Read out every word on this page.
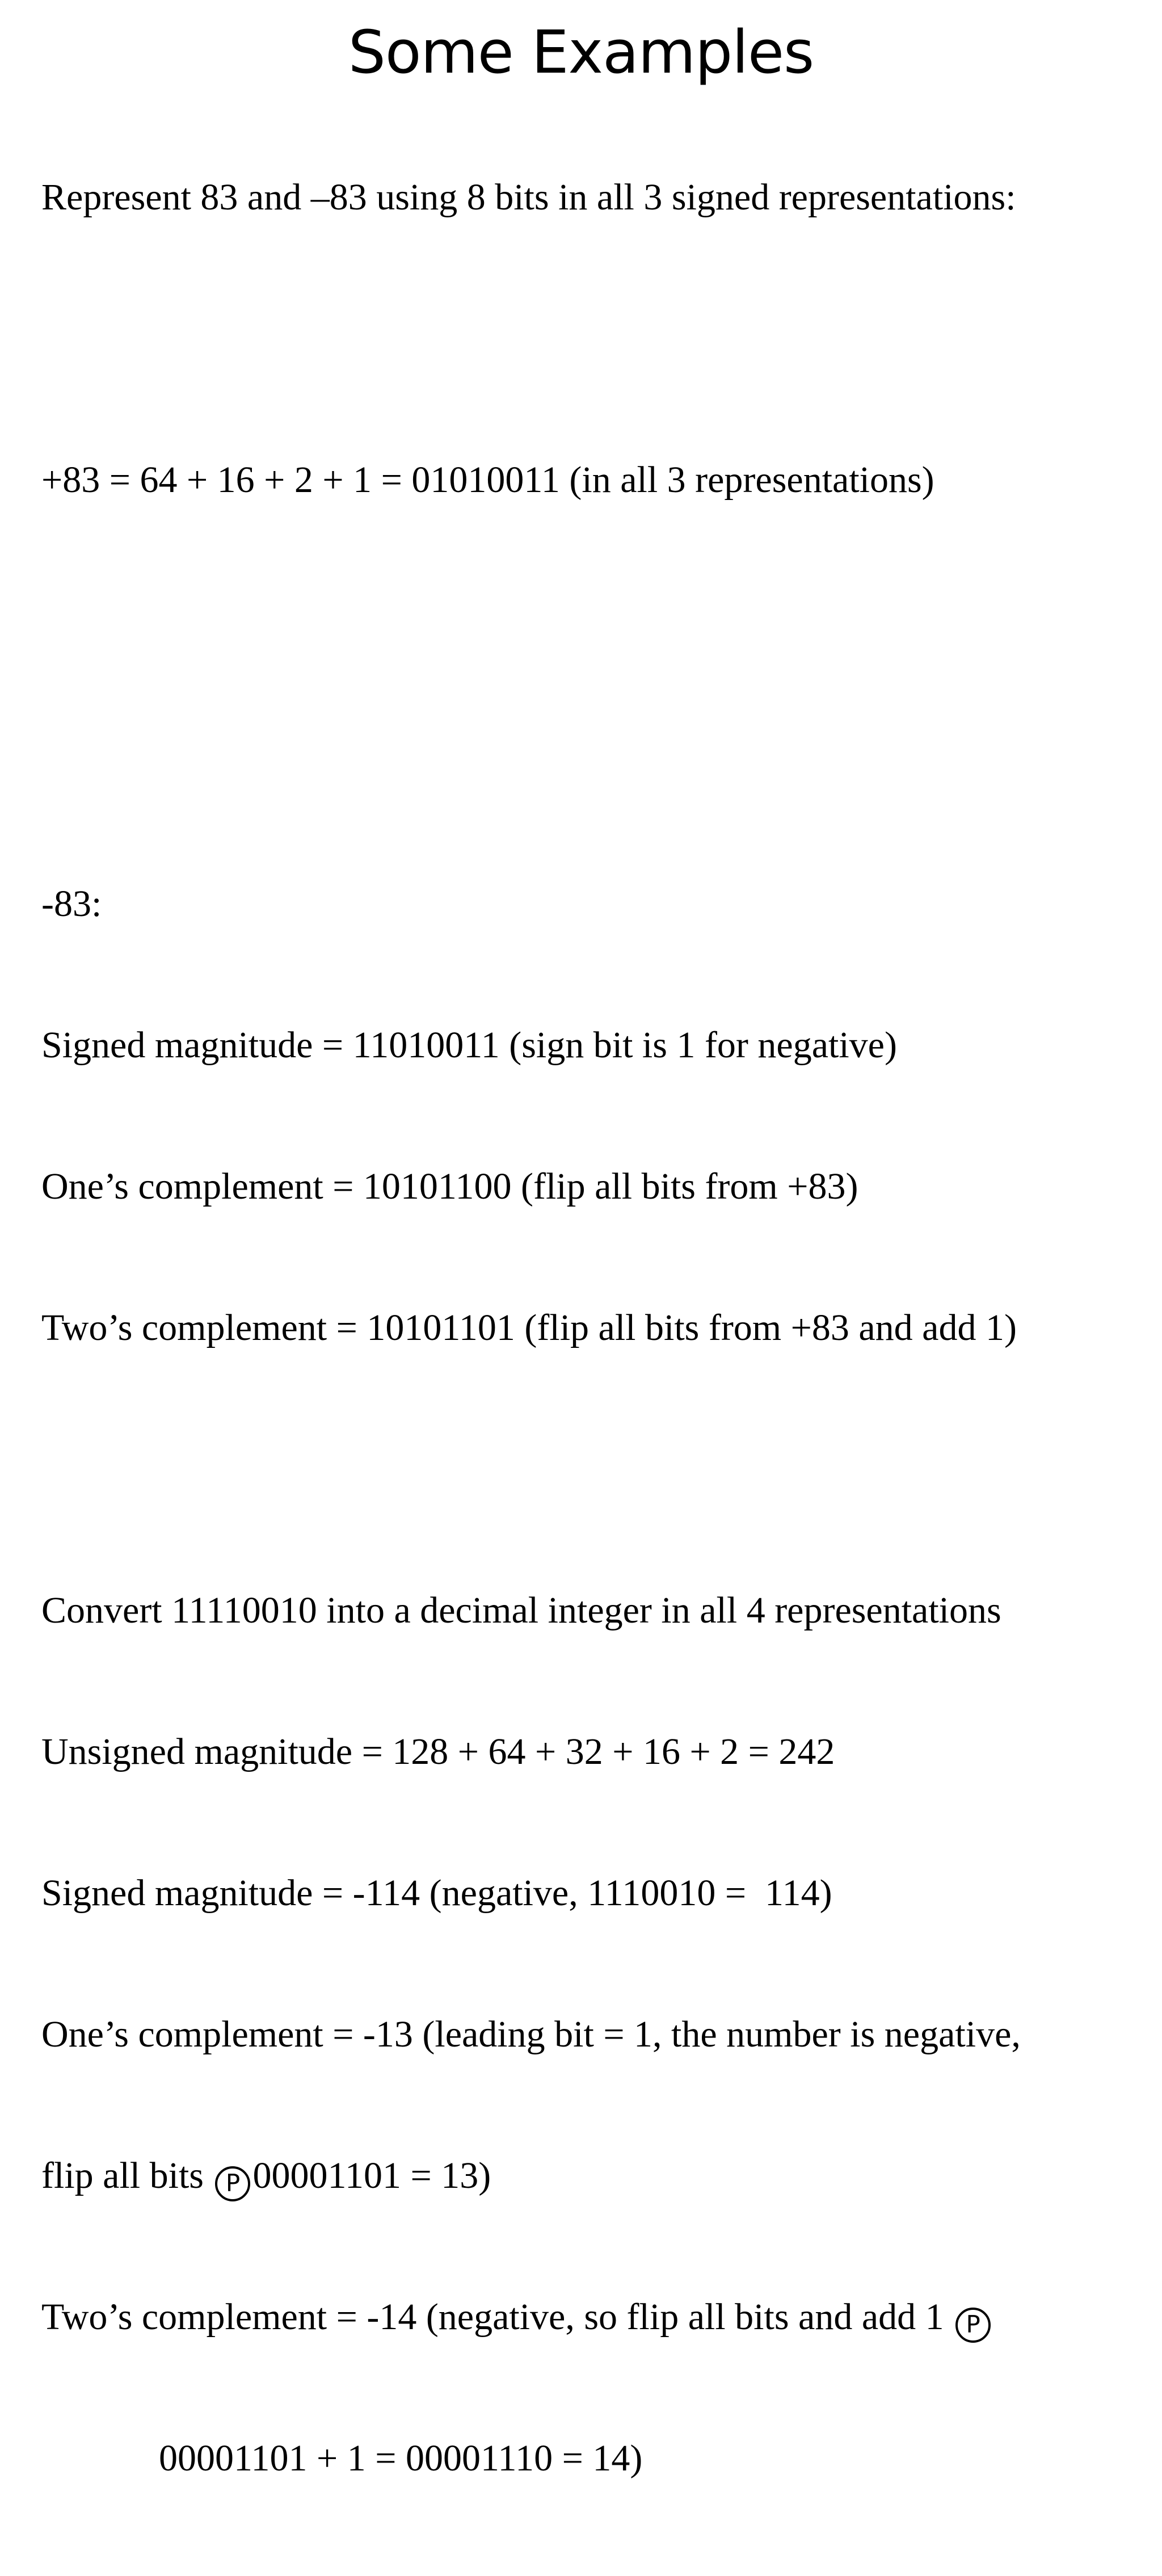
Some Examples

Represent 83 and –83 using 8 bits in all 3 signed representations:

+83 = 64 + 16 + 2 + 1 = 01010011 (in all 3 representations)

-83:

Signed magnitude = 11010011 (sign bit is 1 for negative)

One’s complement = 10101100 (flip all bits from +83)

Two’s complement = 10101101 (flip all bits from +83 and add 1)

Convert 11110010 into a decimal integer in all 4 representations

Unsigned magnitude = 128 + 64 + 32 + 16 + 2 = 242

Signed magnitude = -114 (negative, 1110010 =  114)

One’s complement = -13 (leading bit = 1, the number is negative,

flip all bits P 00001101 = 13)

Two’s complement = -14 (negative, so flip all bits and add 1 P

00001101 + 1 = 00001110 = 14)
